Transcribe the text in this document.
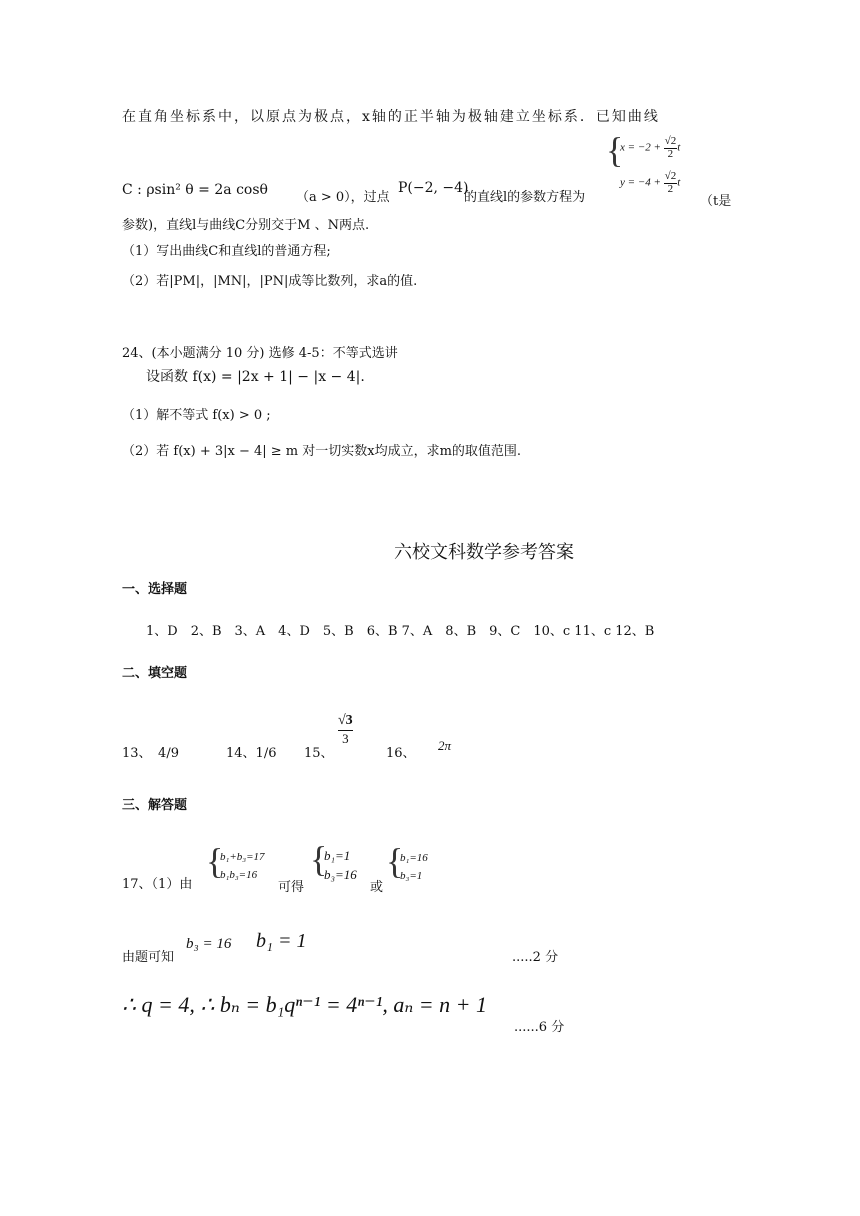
在直角坐标系中，以原点为极点，x轴的正半轴为极轴建立坐标系．已知曲线
{
$x = -2 + \frac{√2}{2}$ t
$y = -4 + \frac{√2}{2}$ t
C : ρsin² θ = 2a cosθ （a > 0），过点
P(−2, −4)
的直线l的参数方程为	（t是
参数)，直线l与曲线C分别交于M 、N两点.
（1）写出曲线C和直线l的普通方程;
（2）若|PM|，|MN|，|PN|成等比数列，求a的值.
24、(本小题满分 10 分) 选修 4-5：不等式选讲
设函数 f(x) = |2x + 1| − |x − 4|.
（1）解不等式 f(x) > 0 ;
（2）若 f(x) + 3|x − 4| ≥ m 对一切实数x均成立，求m的取值范围.
六校文科数学参考答案
一、选择题
1、D　2、B　3、A　4、D　5、B　6、B 7、A　8、B　9、C　10、c 11、c 12、B
二、填空题
13、　4/9	14、1/6 15、
√3
3
16、
2π
三、解答题
17、（1）由
{
b₁+b₃=17
b₁b₃=16
可得
{
b₁=1
b₃=16
或
{
b₁=16
b₃=1
由题可知
b₃ = 16 b₁ = 1
.....2 分
∴ q = 4, ∴ bₙ = b₁qⁿ⁻¹ = 4ⁿ⁻¹, aₙ = n + 1
......6 分
